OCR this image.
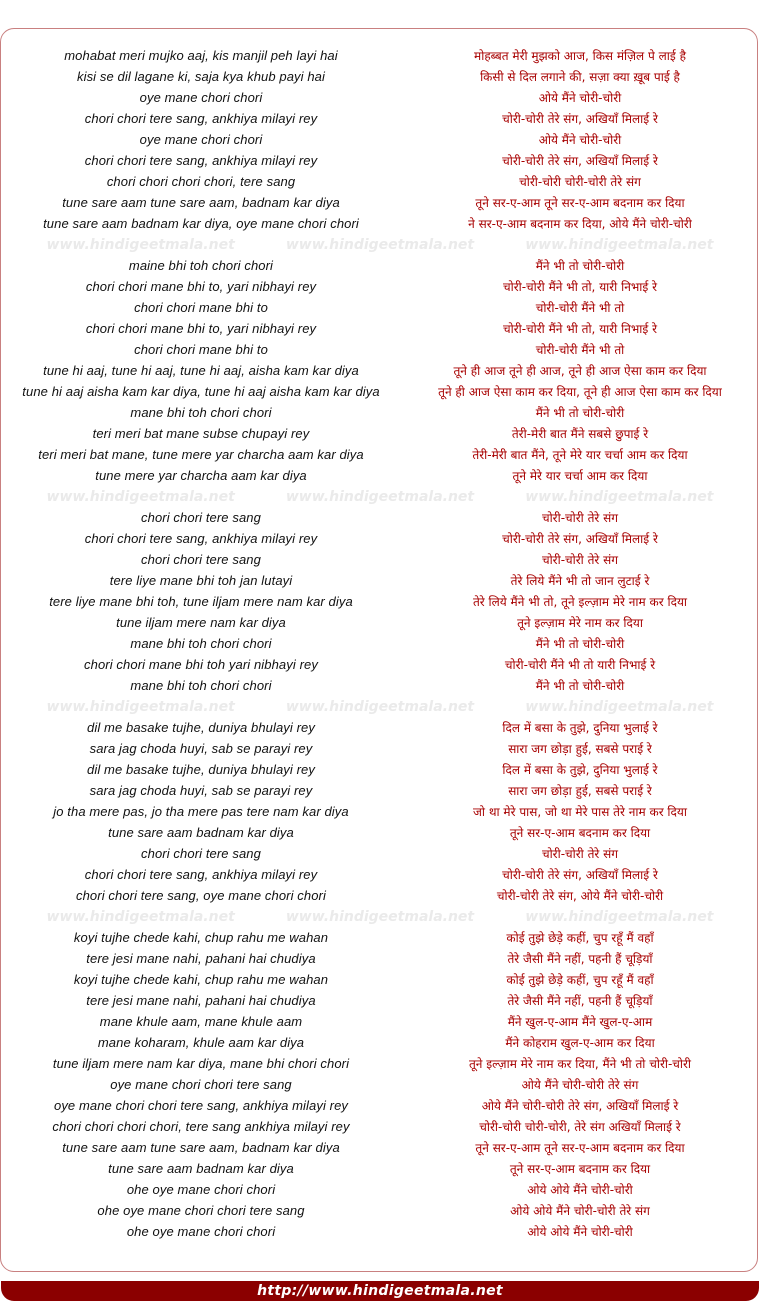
mohabat meri mujko aaj, kis manjil peh layi hai	मोहब्बत मेरी मुझको आज, किस मंज़िल पे लाई है
kisi se dil lagane ki, saja kya khub payi hai	किसी से दिल लगाने की, सज़ा क्या ख़ूब पाई है
oye mane chori chori	ओये मैंने चोरी-चोरी
chori chori tere sang, ankhiya milayi rey	चोरी-चोरी तेरे संग, अखियाँ मिलाई रे
oye mane chori chori	ओये मैंने चोरी-चोरी
chori chori tere sang, ankhiya milayi rey	चोरी-चोरी तेरे संग, अखियाँ मिलाई रे
chori chori chori chori, tere sang	चोरी-चोरी चोरी-चोरी तेरे संग
tune sare aam tune sare aam, badnam kar diya	तूने सर-ए-आम तूने सर-ए-आम बदनाम कर दिया
tune sare aam badnam kar diya, oye mane chori chori	ने सर-ए-आम बदनाम कर दिया, ओये मैंने चोरी-चोरी
www.hindigeetmala.net	www.hindigeetmala.net	www.hindigeetmala.net
maine bhi toh chori chori	मैंने भी तो चोरी-चोरी
chori chori mane bhi to, yari nibhayi rey	चोरी-चोरी मैंने भी तो, यारी निभाई रे
chori chori mane bhi to	चोरी-चोरी मैंने भी तो
chori chori mane bhi to, yari nibhayi rey	चोरी-चोरी मैंने भी तो, यारी निभाई रे
chori chori mane bhi to	चोरी-चोरी मैंने भी तो
tune hi aaj, tune hi aaj, tune hi aaj, aisha kam kar diya	तूने ही आज तूने ही आज, तूने ही आज ऐसा काम कर दिया
tune hi aaj aisha kam kar diya, tune hi aaj aisha kam kar diya	तूने ही आज ऐसा काम कर दिया, तूने ही आज ऐसा काम कर दिया
mane bhi toh chori chori	मैंने भी तो चोरी-चोरी
teri meri bat mane subse chupayi rey	तेरी-मेरी बात मैंने सबसे छुपाई रे
teri meri bat mane, tune mere yar charcha aam kar diya	तेरी-मेरी बात मैंने, तूने मेरे यार चर्चा आम कर दिया
tune mere yar charcha aam kar diya	तूने मेरे यार चर्चा आम कर दिया
www.hindigeetmala.net	www.hindigeetmala.net	www.hindigeetmala.net
chori chori tere sang	चोरी-चोरी तेरे संग
chori chori tere sang, ankhiya milayi rey	चोरी-चोरी तेरे संग, अखियाँ मिलाई रे
chori chori tere sang	चोरी-चोरी तेरे संग
tere liye mane bhi toh jan lutayi	तेरे लिये मैंने भी तो जान लुटाई रे
tere liye mane bhi toh, tune iljam mere nam kar diya	तेरे लिये मैंने भी तो, तूने इल्ज़ाम मेरे नाम कर दिया
tune iljam mere nam kar diya	तूने इल्ज़ाम मेरे नाम कर दिया
mane bhi toh chori chori	मैंने भी तो चोरी-चोरी
chori chori mane bhi toh yari nibhayi rey	चोरी-चोरी मैंने भी तो यारी निभाई रे
mane bhi toh chori chori	मैंने भी तो चोरी-चोरी
www.hindigeetmala.net	www.hindigeetmala.net	www.hindigeetmala.net
dil me basake tujhe, duniya bhulayi rey	दिल में बसा के तुझे, दुनिया भुलाई रे
sara jag choda huyi, sab se parayi rey	सारा जग छोड़ा हुई, सबसे पराई रे
dil me basake tujhe, duniya bhulayi rey	दिल में बसा के तुझे, दुनिया भुलाई रे
sara jag choda huyi, sab se parayi rey	सारा जग छोड़ा हुई, सबसे पराई रे
jo tha mere pas, jo tha mere pas tere nam kar diya	जो था मेरे पास, जो था मेरे पास तेरे नाम कर दिया
tune sare aam badnam kar diya	तूने सर-ए-आम बदनाम कर दिया
chori chori tere sang	चोरी-चोरी तेरे संग
chori chori tere sang, ankhiya milayi rey	चोरी-चोरी तेरे संग, अखियाँ मिलाई रे
chori chori tere sang, oye mane chori chori	चोरी-चोरी तेरे संग, ओये मैंने चोरी-चोरी
www.hindigeetmala.net	www.hindigeetmala.net	www.hindigeetmala.net
koyi tujhe chede kahi, chup rahu me wahan	कोई तुझे छेड़े कहीं, चुप रहूँ मैं वहाँ
tere jesi mane nahi, pahani hai chudiya	तेरे जैसी मैंने नहीं, पहनी हैं चूड़ियाँ
koyi tujhe chede kahi, chup rahu me wahan	कोई तुझे छेड़े कहीं, चुप रहूँ मैं वहाँ
tere jesi mane nahi, pahani hai chudiya	तेरे जैसी मैंने नहीं, पहनी हैं चूड़ियाँ
mane khule aam, mane khule aam	मैंने खुल-ए-आम मैंने खुल-ए-आम
mane koharam, khule aam kar diya	मैंने कोहराम खुल-ए-आम कर दिया
tune iljam mere nam kar diya, mane bhi chori chori	तूने इल्ज़ाम मेरे नाम कर दिया, मैंने भी तो चोरी-चोरी
oye mane chori chori tere sang	ओये मैंने चोरी-चोरी तेरे संग
oye mane chori chori tere sang, ankhiya milayi rey	ओये मैंने चोरी-चोरी तेरे संग, अखियाँ मिलाई रे
chori chori chori chori, tere sang ankhiya milayi rey	चोरी-चोरी चोरी-चोरी, तेरे संग अखियाँ मिलाई रे
tune sare aam tune sare aam, badnam kar diya	तूने सर-ए-आम तूने सर-ए-आम बदनाम कर दिया
tune sare aam badnam kar diya	तूने सर-ए-आम बदनाम कर दिया
ohe oye mane chori chori	ओये ओये मैंने चोरी-चोरी
ohe oye mane chori chori tere sang	ओये ओये मैंने चोरी-चोरी तेरे संग
ohe oye mane chori chori	ओये ओये मैंने चोरी-चोरी
http://www.hindigeetmala.net
